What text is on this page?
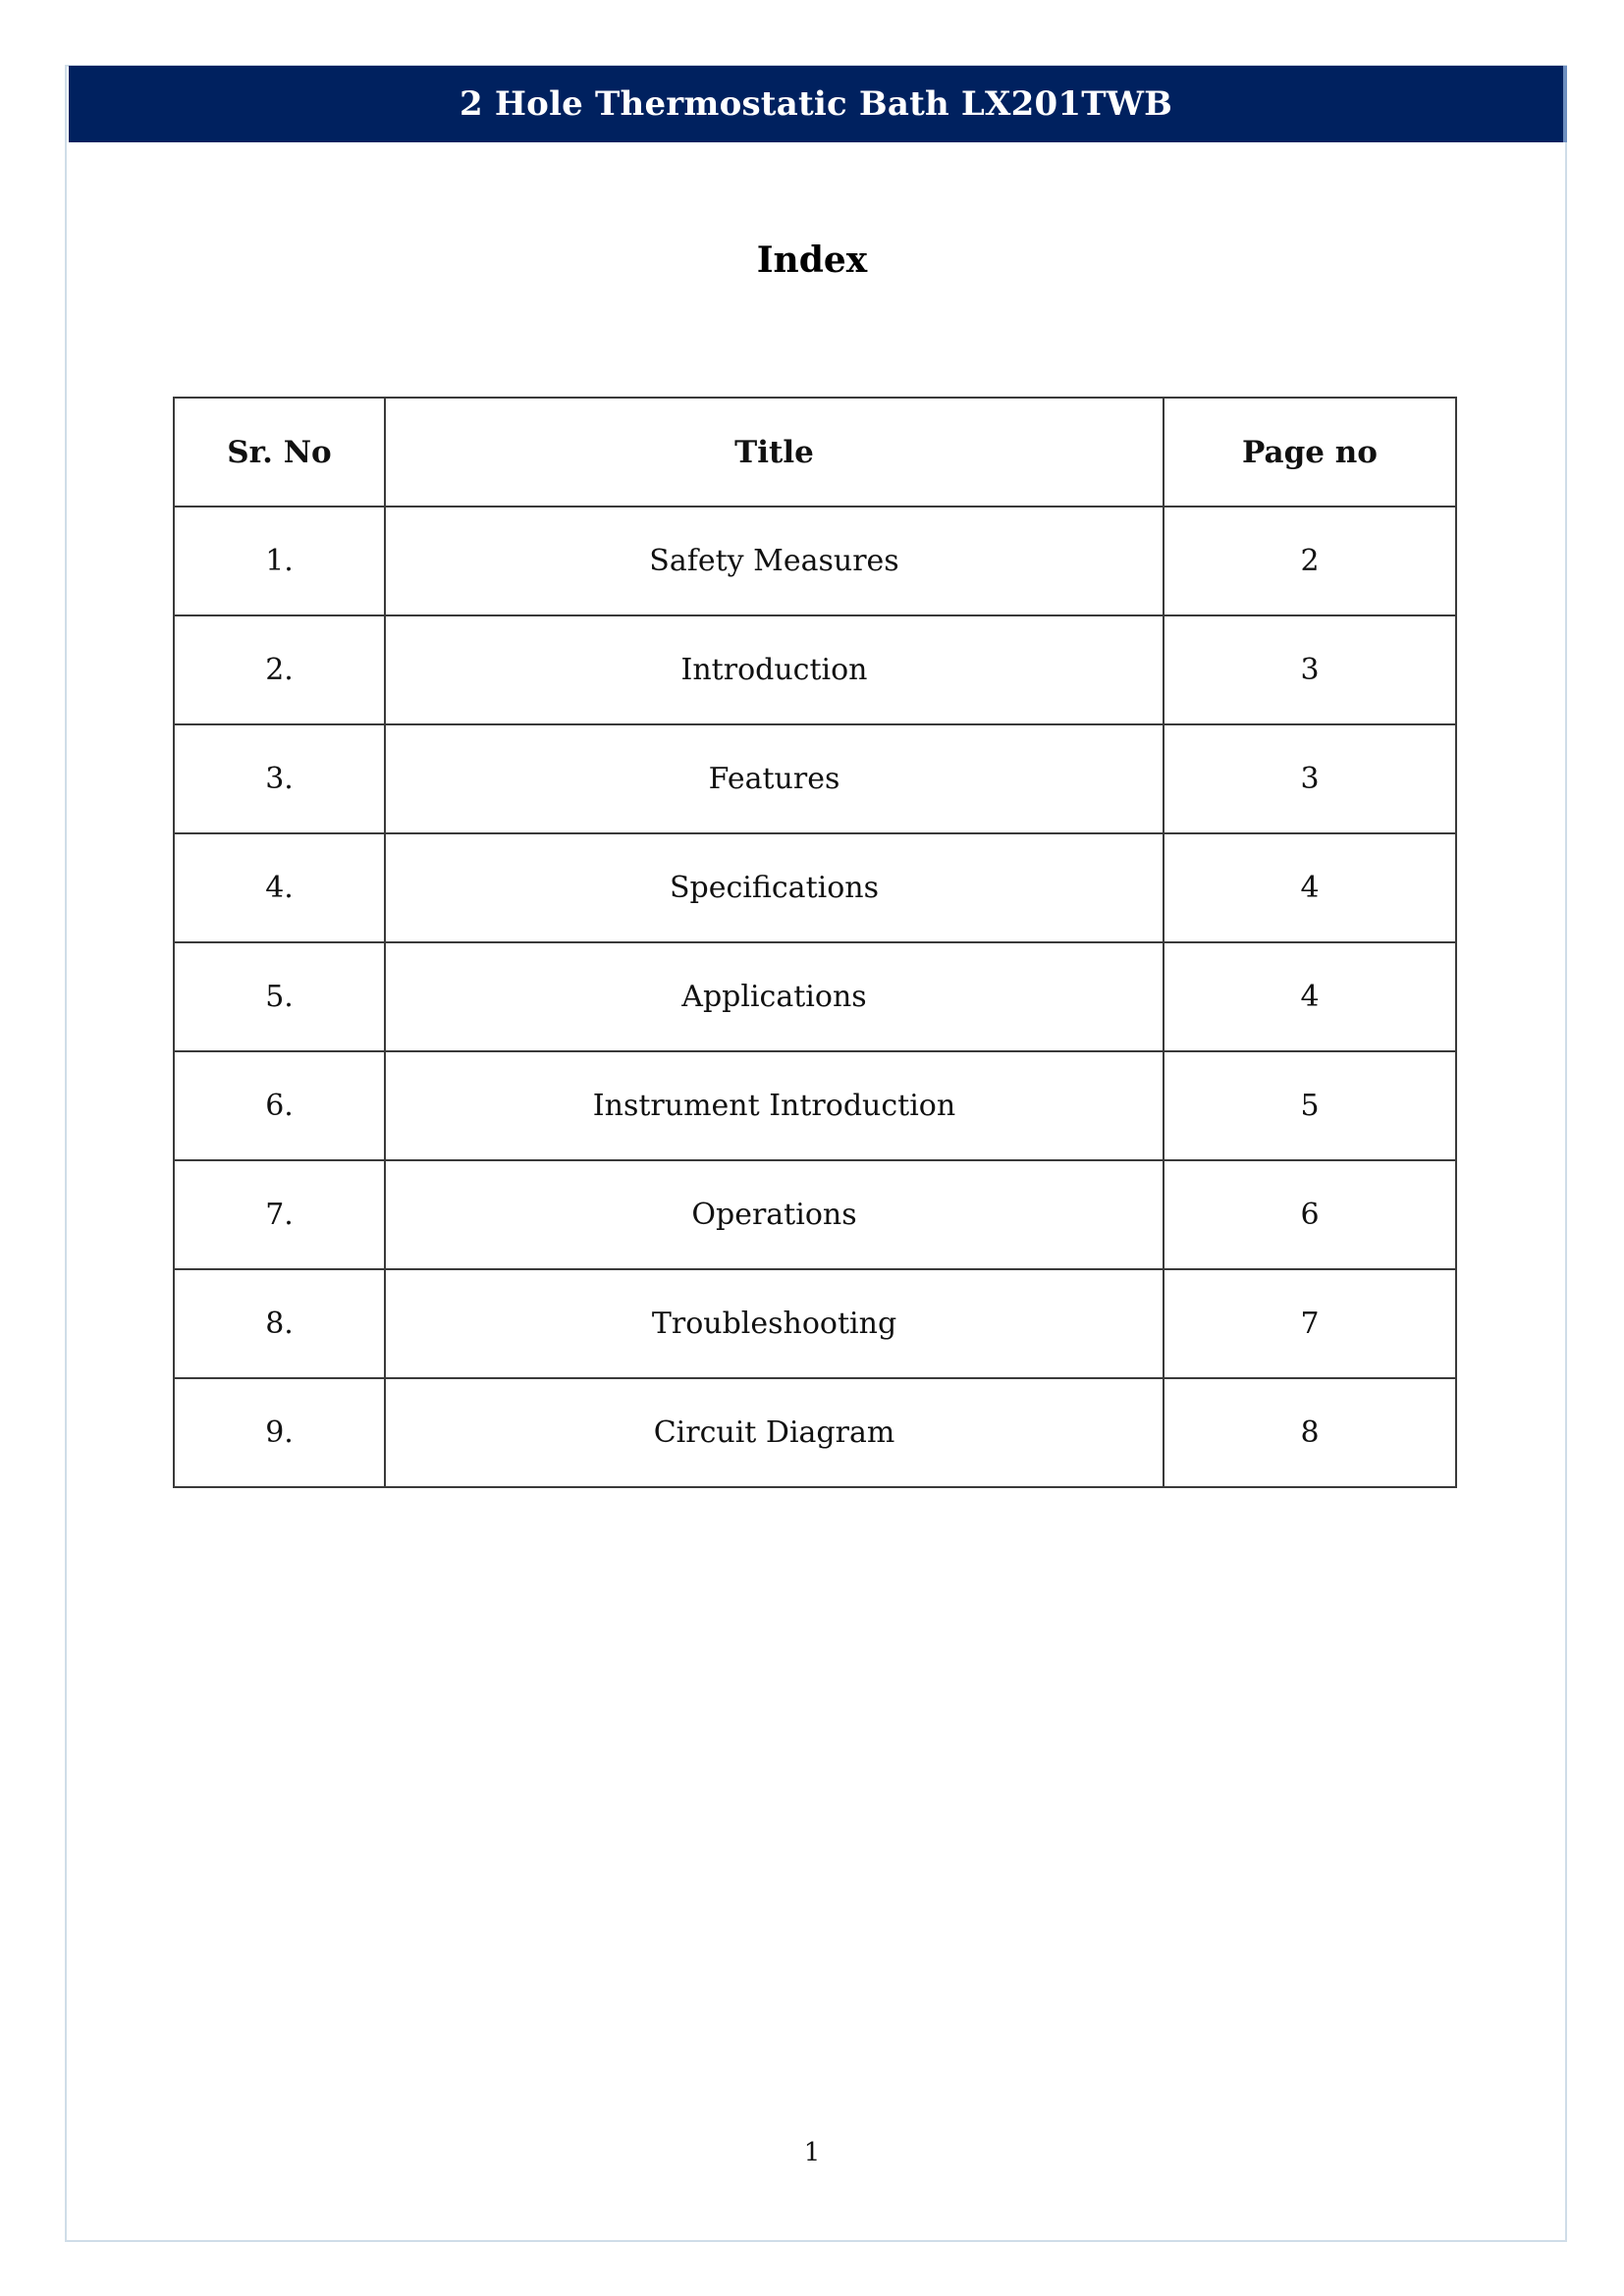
2 Hole Thermostatic Bath LX201TWB
Index
Sr. No	Title	Page no
1.	Safety Measures	2
2.	Introduction	3
3.	Features	3
4.	Specifications	4
5.	Applications	4
6.	Instrument Introduction	5
7.	Operations	6
8.	Troubleshooting	7
9.	Circuit Diagram	8
1
